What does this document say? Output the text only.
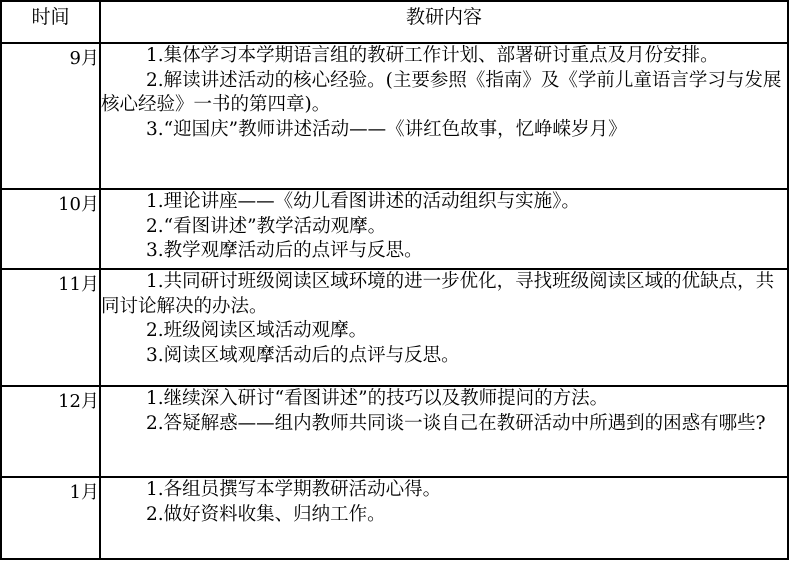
时间	教研内容
9月	1.集体学习本学期语言组的教研工作计划、部署研讨重点及月份安排。

2.解读讲述活动的核心经验。(主要参照《指南》及《学前儿童语言学习与发展核心经验》一书的第四章)。

3.“迎国庆”教师讲述活动——《讲红色故事，忆峥嵘岁月》

10月	1.理论讲座——《幼儿看图讲述的活动组织与实施》。

2.“看图讲述”教学活动观摩。

3.教学观摩活动后的点评与反思。

11月	1.共同研讨班级阅读区域环境的进一步优化，寻找班级阅读区域的优缺点，共同讨论解决的办法。

2.班级阅读区域活动观摩。

3.阅读区域观摩活动后的点评与反思。

12月	1.继续深入研讨“看图讲述”的技巧以及教师提问的方法。

2.答疑解惑——组内教师共同谈一谈自己在教研活动中所遇到的困惑有哪些?

1月	1.各组员撰写本学期教研活动心得。

2.做好资料收集、归纳工作。
